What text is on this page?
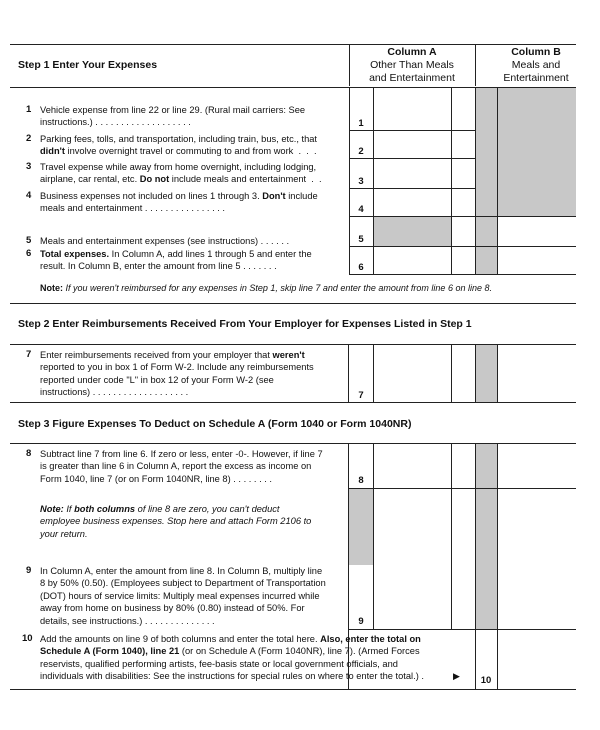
Step 1 Enter Your Expenses
Column A
Other Than Meals
and Entertainment
Column B
Meals and
Entertainment
1 Vehicle expense from line 22 or line 29. (Rural mail carriers: See
instructions.) . . . . . . . . . . . . . . . . . . .	1
2 Parking fees, tolls, and transportation, including train, bus, etc., that
didn't involve overnight travel or commuting to and from work  .  .  .	2
3 Travel expense while away from home overnight, including lodging,
airplane, car rental, etc. Do not include meals and entertainment  .  .	3
4 Business expenses not included on lines 1 through 3. Don't include
meals and entertainment . . . . . . . . . . . . . . . .	4
5 Meals and entertainment expenses (see instructions) . . . . . .	5
6 Total expenses. In Column A, add lines 1 through 5 and enter the
result. In Column B, enter the amount from line 5 . . . . . . .	6
Note: If you weren't reimbursed for any expenses in Step 1, skip line 7 and enter the amount from line 6 on line 8.
Step 2 Enter Reimbursements Received From Your Employer for Expenses Listed in Step 1
7 Enter reimbursements received from your employer that weren't
reported to you in box 1 of Form W-2. Include any reimbursements
reported under code "L" in box 12 of your Form W-2 (see
instructions) . . . . . . . . . . . . . . . . . . .	7
Step 3 Figure Expenses To Deduct on Schedule A (Form 1040 or Form 1040NR)
8 Subtract line 7 from line 6. If zero or less, enter -0-. However, if line 7
is greater than line 6 in Column A, report the excess as income on
Form 1040, line 7 (or on Form 1040NR, line 8) . . . . . . . .	8
Note: If both columns of line 8 are zero, you can't deduct
employee business expenses. Stop here and attach Form 2106 to
your return.
9 In Column A, enter the amount from line 8. In Column B, multiply line
8 by 50% (0.50). (Employees subject to Department of Transportation
(DOT) hours of service limits: Multiply meal expenses incurred while
away from home on business by 80% (0.80) instead of 50%. For
details, see instructions.) . . . . . . . . . . . . . .	9
10 Add the amounts on line 9 of both columns and enter the total here. Also, enter the total on
Schedule A (Form 1040), line 21 (or on Schedule A (Form 1040NR), line 7). (Armed Forces
reservists, qualified performing artists, fee-basis state or local government officials, and
individuals with disabilities: See the instructions for special rules on where to enter the total.) .	▶	10
